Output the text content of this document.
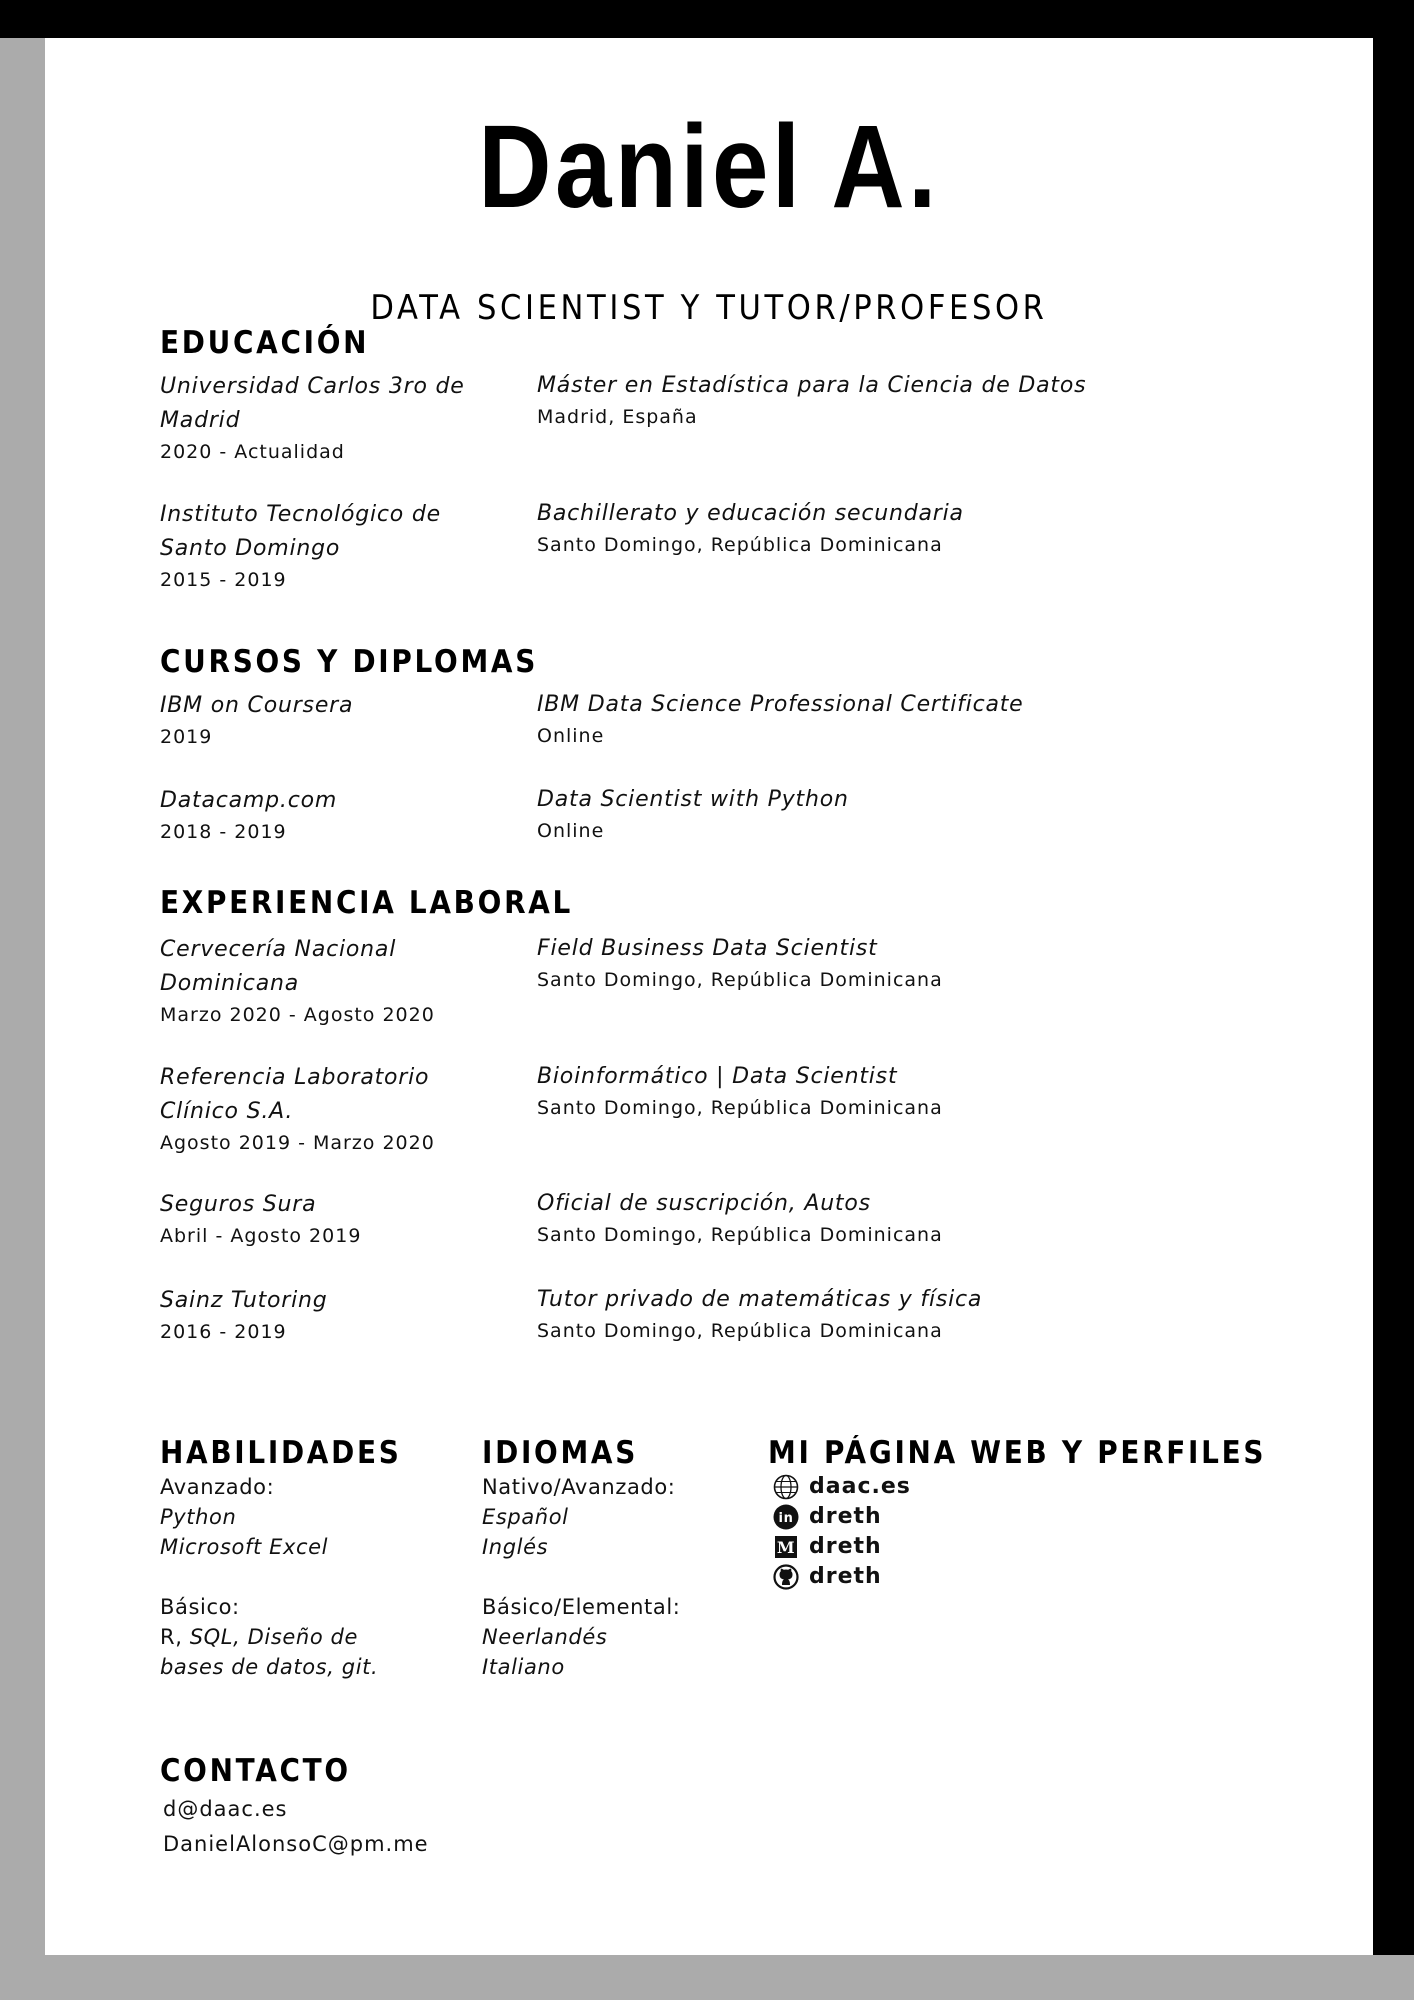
Daniel A.
DATA SCIENTIST Y TUTOR/PROFESOR
EDUCACIÓN
Universidad Carlos 3ro de
Madrid
2020 - Actualidad
Máster en Estadística para la Ciencia de Datos
Madrid, España
Instituto Tecnológico de
Santo Domingo
2015 - 2019
Bachillerato y educación secundaria
Santo Domingo, República Dominicana
CURSOS Y DIPLOMAS
IBM on Coursera
2019
IBM Data Science Professional Certificate
Online
Datacamp.com
2018 - 2019
Data Scientist with Python
Online
EXPERIENCIA LABORAL
Cervecería Nacional
Dominicana
Marzo 2020 - Agosto 2020
Field Business Data Scientist
Santo Domingo, República Dominicana
Referencia Laboratorio
Clínico S.A.
Agosto 2019 - Marzo 2020
Bioinformático | Data Scientist
Santo Domingo, República Dominicana
Seguros Sura
Abril - Agosto 2019
Oficial de suscripción, Autos
Santo Domingo, República Dominicana
Sainz Tutoring
2016 - 2019
Tutor privado de matemáticas y física
Santo Domingo, República Dominicana
HABILIDADES
Avanzado:
Python
Microsoft Excel
Básico:
R, SQL, Diseño de
bases de datos, git.
IDIOMAS
Nativo/Avanzado:
Español
Inglés
Básico/Elemental:
Neerlandés
Italiano
MI PÁGINA WEB Y PERFILES
daac.es
in dreth
M dreth
dreth
CONTACTO
d@daac.es
DanielAlonsoC@pm.me
